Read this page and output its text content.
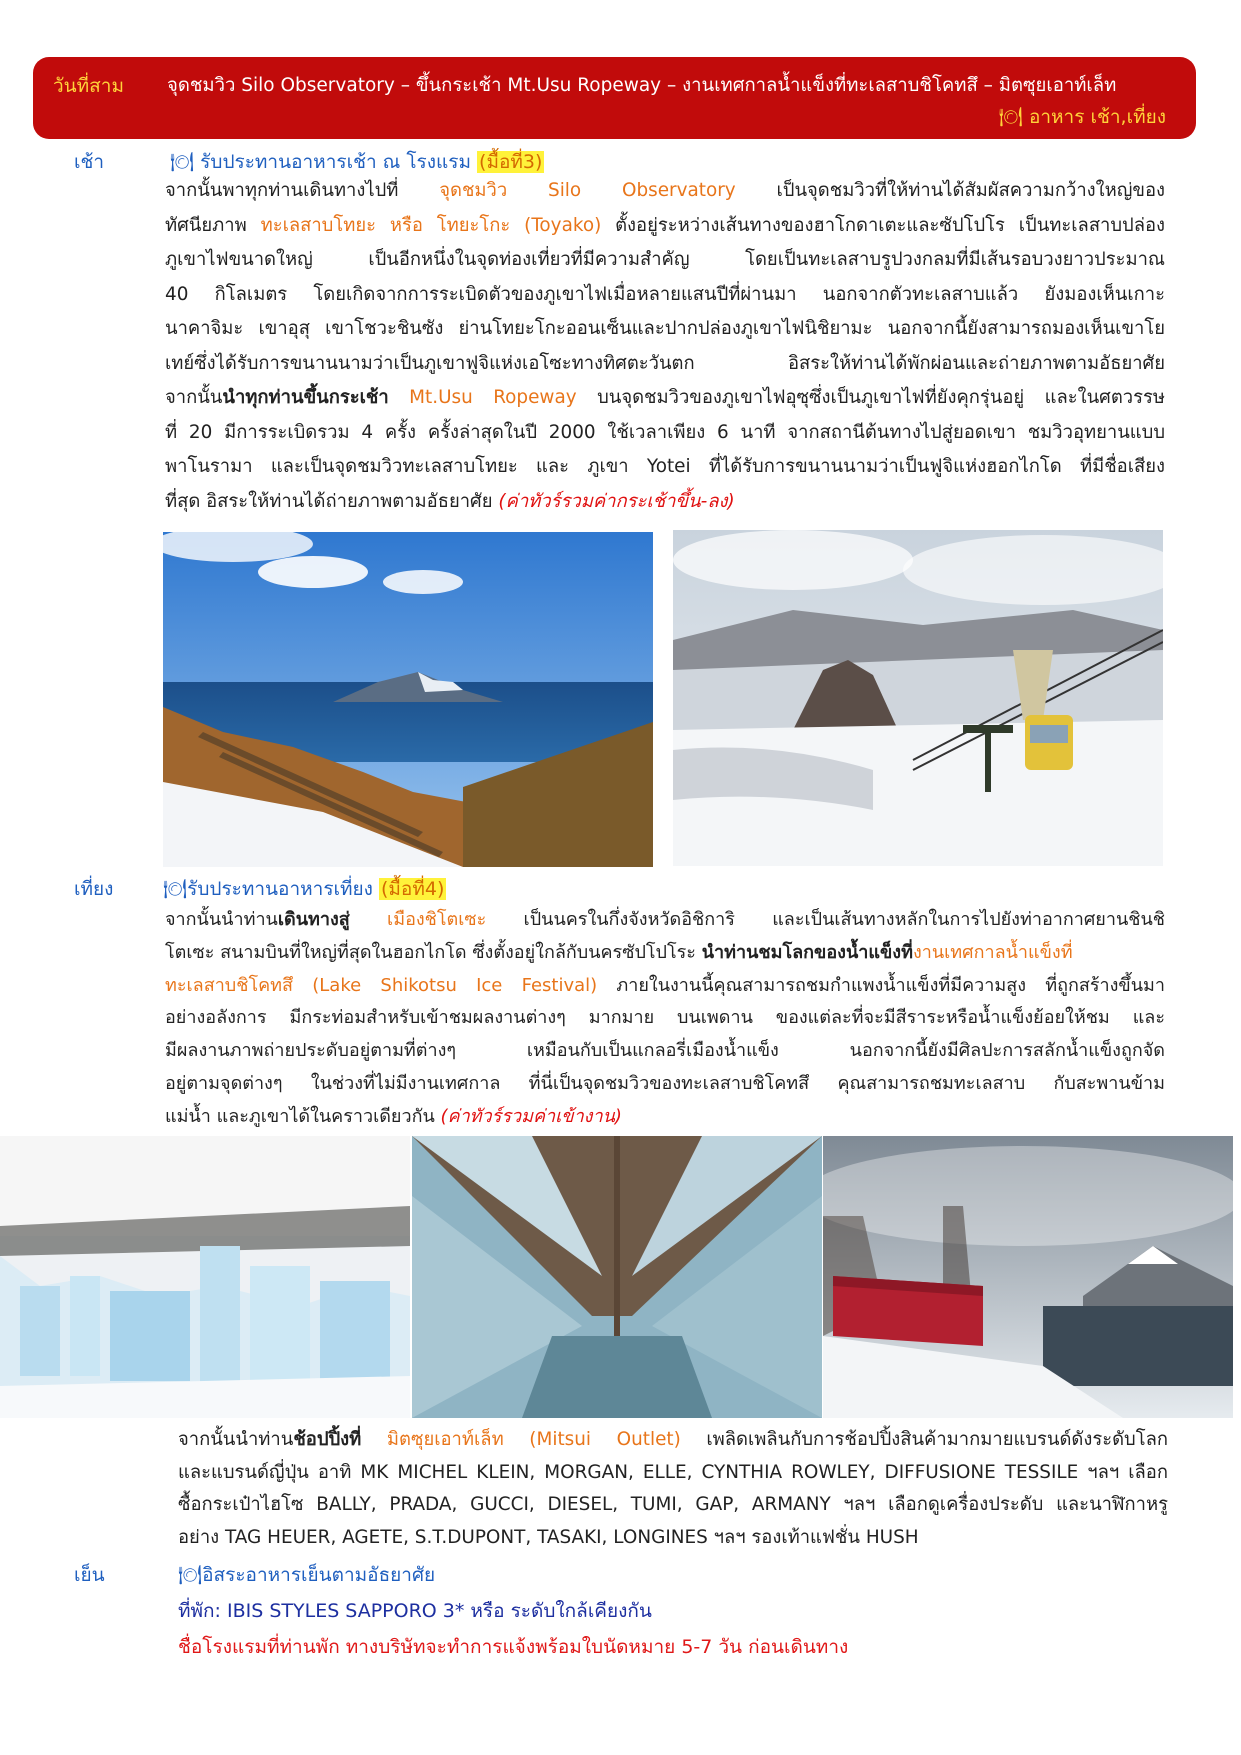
วันที่สาม จุดชมวิว Silo Observatory – ขึ้นกระเช้า Mt.Usu Ropeway – งานเทศกาลน้ำแข็งที่ทะเลสาบชิโคทสึ – มิตซุยเอาท์เล็ท
🍽 อาหาร เช้า,เที่ยง
เช้า	🍽 รับประทานอาหารเช้า ณ โรงแรม (มื้อที่3)
จากนั้นพาทุกท่านเดินทางไปที่ จุดชมวิว Silo Observatory เป็นจุดชมวิวที่ให้ท่านได้สัมผัสความกว้างใหญ่ของ
ทัศนียภาพ ทะเลสาบโทยะ หรือ โทยะโกะ (Toyako) ตั้งอยู่ระหว่างเส้นทางของฮาโกดาเตะและซัปโปโร เป็นทะเลสาบปล่อง
ภูเขาไฟขนาดใหญ่ เป็นอีกหนึ่งในจุดท่องเที่ยวที่มีความสำคัญ โดยเป็นทะเลสาบรูปวงกลมที่มีเส้นรอบวงยาวประมาณ
40 กิโลเมตร โดยเกิดจากการระเบิดตัวของภูเขาไฟเมื่อหลายแสนปีที่ผ่านมา นอกจากตัวทะเลสาบแล้ว ยังมองเห็นเกาะ
นาคาจิมะ เขาอุสุ เขาโชวะชินซัง ย่านโทยะโกะออนเซ็นและปากปล่องภูเขาไฟนิชิยามะ นอกจากนี้ยังสามารถมองเห็นเขาโย
เทย์ซึ่งได้รับการขนานนามว่าเป็นภูเขาฟูจิแห่งเอโซะทางทิศตะวันตก อิสระให้ท่านได้พักผ่อนและถ่ายภาพตามอัธยาศัย
จากนั้นนำทุกท่านขึ้นกระเช้า Mt.Usu Ropeway บนจุดชมวิวของภูเขาไฟอุซุซึ่งเป็นภูเขาไฟที่ยังคุกรุ่นอยู่ และในศตวรรษ
ที่ 20 มีการระเบิดรวม 4 ครั้ง ครั้งล่าสุดในปี 2000 ใช้เวลาเพียง 6 นาที จากสถานีต้นทางไปสู่ยอดเขา ชมวิวอุทยานแบบ
พาโนรามา และเป็นจุดชมวิวทะเลสาบโทยะ และ ภูเขา Yotei ที่ได้รับการขนานนามว่าเป็นฟูจิแห่งฮอกไกโด ที่มีชื่อเสียง
ที่สุด อิสระให้ท่านได้ถ่ายภาพตามอัธยาศัย (ค่าทัวร์รวมค่ากระเช้าขึ้น-ลง)
เที่ยง	🍽รับประทานอาหารเที่ยง (มื้อที่4)
จากนั้นนำท่านเดินทางสู่ เมืองชิโตเซะ เป็นนครในกึ่งจังหวัดอิชิการิ และเป็นเส้นทางหลักในการไปยังท่าอากาศยานชินชิ
โตเซะ สนามบินที่ใหญ่ที่สุดในฮอกไกโด ซึ่งตั้งอยู่ใกล้กับนครซัปโปโระ นำท่านชมโลกของน้ำแข็งที่งานเทศกาลน้ำแข็งที่
ทะเลสาบชิโคทสึ (Lake Shikotsu Ice Festival) ภายในงานนี้คุณสามารถชมกำแพงน้ำแข็งที่มีความสูง ที่ถูกสร้างขึ้นมา
อย่างอลังการ มีกระท่อมสำหรับเข้าชมผลงานต่างๆ มากมาย บนเพดาน ของแต่ละที่จะมีสีราระหรือน้ำแข็งย้อยให้ชม และ
มีผลงานภาพถ่ายประดับอยู่ตามที่ต่างๆ เหมือนกับเป็นแกลอรี่เมืองน้ำแข็ง นอกจากนี้ยังมีศิลปะการสลักน้ำแข็งถูกจัด
อยู่ตามจุดต่างๆ ในช่วงที่ไม่มีงานเทศกาล ที่นี่เป็นจุดชมวิวของทะเลสาบชิโคทสึ คุณสามารถชมทะเลสาบ กับสะพานข้าม
แม่น้ำ และภูเขาได้ในคราวเดียวกัน (ค่าทัวร์รวมค่าเข้างาน)
จากนั้นนำท่านช้อปปิ้งที่ มิตซุยเอาท์เล็ท (Mitsui Outlet) เพลิดเพลินกับการช้อปปิ้งสินค้ามากมายแบรนด์ดังระดับโลก
และแบรนด์ญี่ปุ่น อาทิ MK MICHEL KLEIN, MORGAN, ELLE, CYNTHIA ROWLEY, DIFFUSIONE TESSILE ฯลฯ เลือก
ซื้อกระเป๋าไฮโซ BALLY, PRADA, GUCCI, DIESEL, TUMI, GAP, ARMANY ฯลฯ เลือกดูเครื่องประดับ และนาฬิกาหรู
อย่าง TAG HEUER, AGETE, S.T.DUPONT, TASAKI, LONGINES ฯลฯ รองเท้าแฟชั่น HUSH
เย็น	🍽อิสระอาหารเย็นตามอัธยาศัย
ที่พัก: IBIS STYLES SAPPORO 3* หรือ ระดับใกล้เคียงกัน
ชื่อโรงแรมที่ท่านพัก ทางบริษัทจะทำการแจ้งพร้อมใบนัดหมาย 5-7 วัน ก่อนเดินทาง
